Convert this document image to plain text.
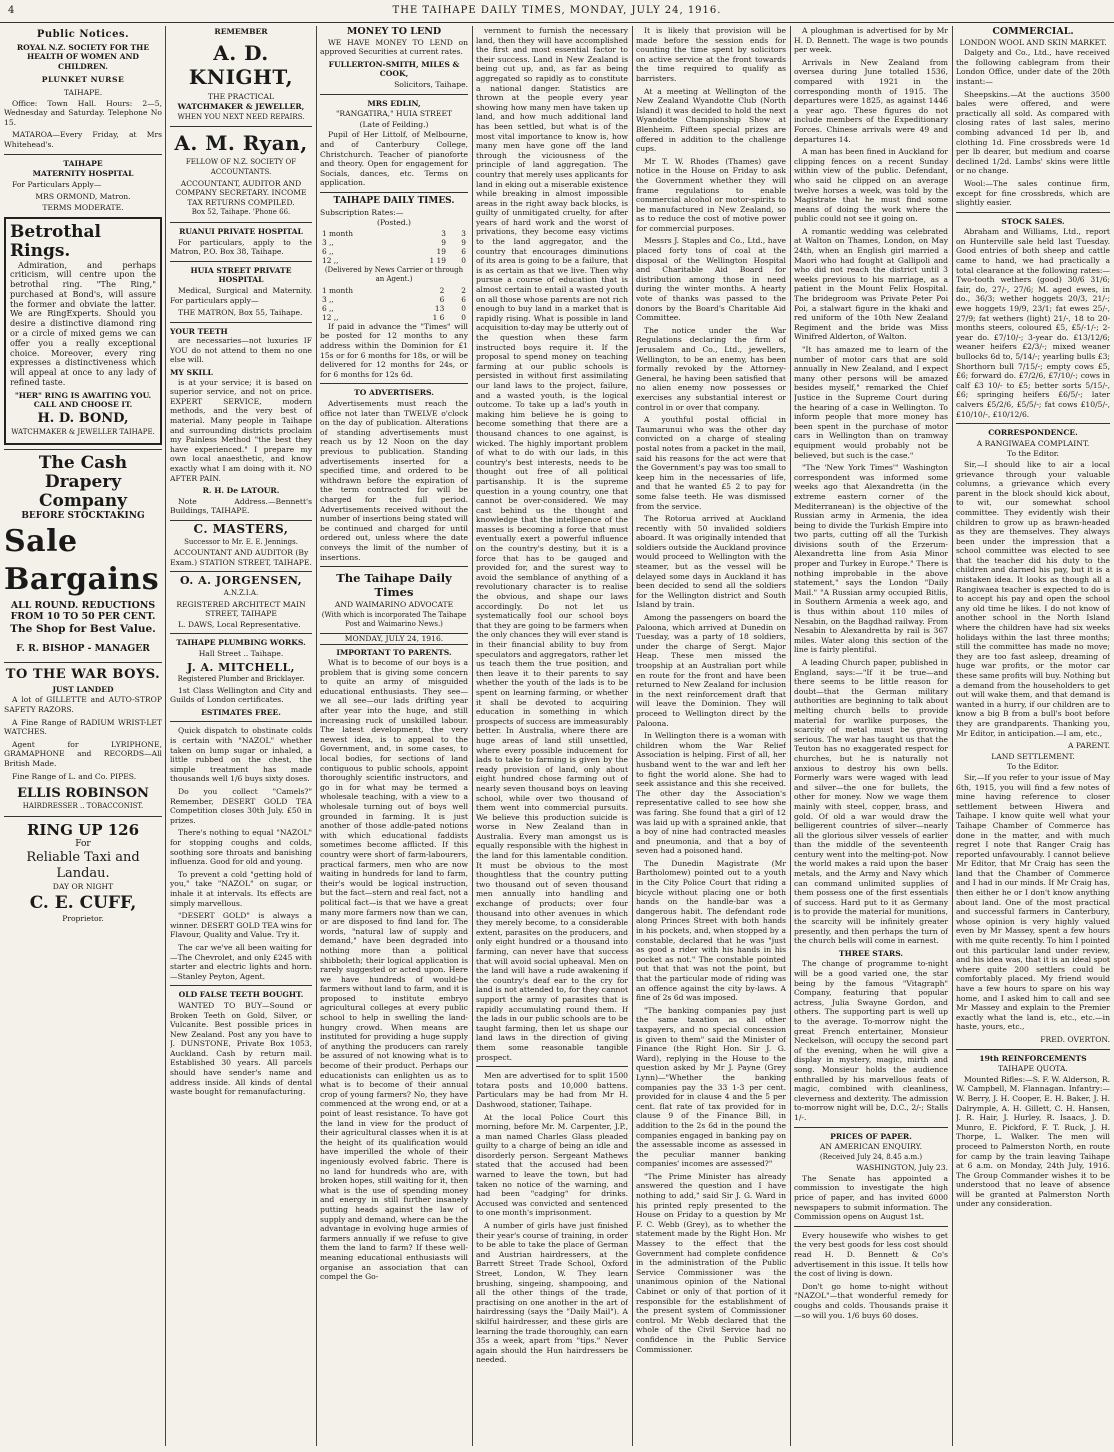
4	THE TAIHAPE DAILY TIMES, MONDAY, JULY 24, 1916.
Public Notices.
ROYAL N.Z. SOCIETY FOR THE HEALTH OF WOMEN AND CHILDREN.
PLUNKET NURSE
TAIHAPE.

Office: Town Hall. Hours: 2—5, Wednesday and Saturday. Telephone No 15.

MATAROA—Every Friday, at Mrs Whitehead's.

TAIHAPE
MATERNITY HOSPITAL

For Particulars Apply—

MRS ORMOND, Matron.
TERMS MODERATE.
Betrothal Rings.

Admiration, and perhaps criticism, will centre upon the betrothal ring. "The Ring," purchased at Bond's, will assure the former and obviate the latter. We are RingExperts. Should you desire a distinctive diamond ring or a circle of mixed gems we can offer you a really exceptional choice. Moreover, every ring expresses a distinctiveness which will appeal at once to any lady of refined taste.

"HER" RING IS AWAITING YOU. CALL AND CHOOSE IT.
H. D. BOND,
WATCHMAKER & JEWELLER TAIHAPE.
The Cash Drapery
Company
BEFORE STOCKTAKING
Sale
Bargains
ALL ROUND. REDUCTIONS FROM 10 TO 50 PER CENT.
The Shop for Best Value.
F. R. BISHOP - MANAGER
TO THE WAR BOYS.
JUST LANDED

A lot of GILLETTE and AUTO-STROP SAFETY RAZORS.

A Fine Range of RADIUM WRIST-LET WATCHES.

Agent for LYRIPHONE, GRAMAPHONE and RECORDS—All British Made.

Fine Range of L. and Co. PIPES.

ELLIS ROBINSON
HAIRDRESSER .. TOBACCONIST.
RING UP 126
For
Reliable Taxi and
Landau.
DAY OR NIGHT
C. E. CUFF,
Proprietor.
REMEMBER
A. D. KNIGHT,
THE PRACTICAL
WATCHMAKER & JEWELLER,
WHEN YOU NEXT NEED REPAIRS.
A. M. Ryan,
FELLOW OF N.Z. SOCIETY OF ACCOUNTANTS.
ACCOUNTANT, AUDITOR AND COMPANY SECRETARY. INCOME TAX RETURNS COMPILED.
Box 52, Taihape. 'Phone 66.
RUANUI PRIVATE HOSPITAL

For particulars, apply to the Matron, P.O. Box 38, Taihape.

HUIA STREET PRIVATE HOSPITAL

Medical, Surgical and Maternity. For particulars apply—

THE MATRON, Box 55, Taihape.

YOUR TEETH

are necessaries—not luxuries IF YOU do not attend to them no one else will.

MY SKILL

is at your service; it is based on superior service, and not on price. EXPERT SERVICE, modern methods, and the very best of material. Many people in Taihape and surrounding districts proclaim my Painless Method "the best they have experienced." I prepare my own local anaesthetic, and know exactly what I am doing with it. NO AFTER PAIN.

R. H. De LATOUR.

Note Address.—Bennett's Buildings, TAIHAPE.

C. MASTERS,
Successor to Mr. E. E. Jennings.
ACCOUNTANT AND AUDITOR (By Exam.) STATION STREET, TAIHAPE.
O. A. JORGENSEN,
A.N.Z.I.A.
REGISTERED ARCHITECT MAIN STREET, TAIHAPE

L. DAWS, Local Representative.

TAIHAPE PLUMBING WORKS.
Hall Street .. Taihape.
J. A. MITCHELL,
Registered Plumber and Bricklayer.

1st Class Wellington and City and Guilds of London certificates.

ESTIMATES FREE.

Quick dispatch to obstinate colds is certain with "NAZOL" whether taken on lump sugar or inhaled, a little rubbed on the chest, the simple treatment has made thousands well 1/6 buys sixty doses.

Do you collect "Camels?" Remember, DESERT GOLD TEA Competition closes 30th July. £50 in prizes.

There's nothing to equal "NAZOL" for stopping coughs and colds, soothing sore throats and banishing influenza. Good for old and young.

To prevent a cold "getting hold of you," take "NAZOL" on sugar, or inhale it at intervals. Its effects are simply marvellous.

"DESERT GOLD" is always a winner. DESERT GOLD TEA wins for Flavour, Quality and Value. Try it.

The car we've all been waiting for—The Chevrolet, and only £245 with starter and electric lights and horn.—Stanley Peyton, Agent.

OLD FALSE TEETH BOUGHT.

WANTED TO BUY—Sound or Broken Teeth on Gold, Silver, or Vulcanite. Best possible prices in New Zealand. Post any you have to J. DUNSTONE, Private Box 1053, Auckland. Cash by return mail. Established 30 years. All parcels should have sender's name and address inside. All kinds of dental waste bought for remanufacturing.

MONEY TO LEND

WE HAVE MONEY TO LEND on approved Securities at current rates.

FULLERTON-SMITH, MILES & COOK,
Solicitors, Taihape.
MRS EDLIN,
"RANGATIRA," HUIA STREET
(Late of Feilding.)

Pupil of Her Littolf, of Melbourne, and of Canterbury College, Christchurch. Teacher of pianoforte and theory. Open for engagement for Socials, dances, etc. Terms on application.

TAIHAPE DAILY TIMES.
Subscription Rates:—
(Posted.)
1 month	3	3
3 ,,	9	9
6 ,,	19	6
12 ,,	1 19	0
(Delivered by News Carrier or through an Agent.)
1 month	2	2
3 ,,	6	6
6 ,,	13	0
12 ,,	1 6	0

If paid in advance the "Times" will be posted for 12 months to any address within the Dominion for £1 15s or for 6 months for 18s, or will be delivered for 12 months for 24s, or for 6 months for 12s 6d.

TO ADVERTISERS.

Advertisements must reach the office not later than TWELVE o'clock on the day of publication. Alterations of standing advertisements must reach us by 12 Noon on the day previous to publication. Standing advertisements inserted for a specified time, and ordered to be withdrawn before the expiration of the term contracted for will be charged for the full period. Advertisements received without the number of insertions being stated will be continued and charged for until ordered out, unless where the date conveys the limit of the number of insertions.

The Taihape Daily Times
AND WAIMARINO ADVOCATE
(With which is incorporated The Taihape Post and Waimarino News.)
MONDAY, JULY 24, 1916.
IMPORTANT TO PARENTS.

What is to become of our boys is a problem that is giving some concern to quite an army of misguided educational enthusiasts. They see—we all see—our lads drifting year after year into the huge, and still increasing ruck of unskilled labour. The latest development, the very newest idea, is to appeal to the Government, and, in some cases, to local bodies, for sections of land contiguous to public schools, appoint thoroughly scientific instructors, and go in for what may be termed a wholesale teaching, with a view to a wholesale turning out of boys well grounded in farming. It is just another of those addle-pated notions with which educational faddists sometimes become afflicted. If this country were short of farm-labourers, practical farmers, men who are now waiting in hundreds for land to farm, their's would be logical instruction, but the fact—stern and real fact, not a political fact—is that we have a great many more farmers now than we can, or are disposed to find land for. The words, "natural law of supply and demand," have been degraded into nothing more than a political shibboleth; their logical application is rarely suggested or acted upon. Here we have hundreds of would-be farmers without land to farm, and it is proposed to institute embryo agricultural colleges at every public school to help in swelling the land-hungry crowd. When means are instituted for providing a huge supply of anything the producers can rarely be assured of not knowing what is to become of their product. Perhaps our educationists can enlighten us as to what is to become of their annual crop of young farmers? No, they have commenced at the wrong end, or at a point of least resistance. To have got the land in view for the product of their agricultural classes when it is at the height of its qualification would have imperilled the whole of their ingeniously evolved fabric. There is no land for hundreds who are, with broken hopes, still waiting for it, then what is the use of spending money and energy in still further insanely putting heads against the law of supply and demand, where can be the advantage in evolving huge armies of farmers annually if we refuse to give them the land to farm? If these well-meaning educational enthusiasts will organise an association that can compel the Go-

vernment to furnish the necessary land, then they will have accomplished the first and most essential factor to their success. Land in New Zealand is being cut up, and, as far as being aggregated so rapidly as to constitute a national danger. Statistics are thrown at the people every year showing how many men have taken up land, and how much additional land has been settled, but what is of the most vital importance to know is, how many men have gone off the land through the viciousness of the principle of land aggregation. The country that merely uses applicants for land in eking out a miserable existence while breaking in almost impossible areas in the right away back blocks, is guilty of unmitigated cruelty, for after years of hard work and the worst of privations, they become easy victims to the land aggregator, and the country that encourages diminutions of its area is going to be a failure, that is as certain as that we live. Then why pursue a course of education that is almost certain to entail a wasted youth on all those whose parents are not rich enough to buy land in a market that is rapidly rising. What is possible in land acquisition to-day may be utterly out of the question when these farm instructed boys require it. If the proposal to spend money on teaching farming at our public schools is persisted in without first assimilating our land laws to the project, failure, and a wasted youth, is the logical outcome. To take up a lad's youth in making him believe he is going to become something that there are a thousand chances to one against, is wicked. The highly important problem of what to do with our lads, in this country's best interests, needs to be thought out free of all political partisanship. It is the supreme question in a young country, one that cannot be over-considered. We may cast behind us the thought and knowledge that the intelligence of the masses is becoming a force that must eventually exert a powerful influence on the country's destiny, but it is a force that has to be gauged and provided for, and the surest way to avoid the semblance of anything of a revolutionary character is to realise the obvious, and shape our laws accordingly. Do not let us systematically fool our school boys that they are going to be farmers when the only chances they will ever stand is in their financial ability to buy from speculators and aggregators, rather let us teach them the true position, and then leave it to their parents to say whether the youth of the lads is to be spent on learning farming, or whether it shall be devoted to acquiring education in something in which prospects of success are immeasurably better. In Australia, where there are huge areas of land still unsettled, where every possible inducement for lads to take to farming is given by the ready provision of land, only about eight hundred chose farming out of nearly seven thousand boys on leaving school, while over two thousand of them went into commercial pursuits. We believe this production suicide is worse in New Zealand than in Australia. Every man amongst us is equally responsible with the highest in the land for this lamentable condition. It must be obvious to the most thoughtless that the country putting two thousand out of seven thousand men annually into handling and exchange of products; over four thousand into other avenues in which they merely become, to a considerable extent, parasites on the producers, and only eight hundred or a thousand into farming, can never have that success that will avoid social upheaval. Men on the land will have a rude awakening if the country's deaf ear to the cry for land is not attended to, for they cannot support the army of parasites that is rapidly accumulating round them. If the lads in our public schools are to be taught farming, then let us shape our land laws in the direction of giving them some reasonable tangible prospect.

Men are advertised for to split 1500 totara posts and 10,000 battens. Particulars may be had from Mr H. Dashwood, stationer, Taihape.

At the local Police Court this morning, before Mr. M. Carpenter, J.P., a man named Charles Glass pleaded guilty to a charge of being an idle and disorderly person. Sergeant Mathews stated that the accused had been warned to leave the town, but had taken no notice of the warning, and had been "cadging" for drinks. Accused was convicted and sentenced to one month's imprisonment.

A number of girls have just finished their year's course of training, in order to be able to take the place of German and Austrian hairdressers, at the Barrett Street Trade School, Oxford Street, London, W. They learn brushing, singeing, shampooing, and all the other things of the trade, practising on one another in the art of hairdressing (says the "Daily Mail"). A skilful hairdresser, and these girls are learning the trade thoroughly, can earn 35s a week, apart from "tips." Never again should the Hun hairdressers be needed.

It is likely that provision will be made before the session ends for counting the time spent by solicitors on active service at the front towards the time required to qualify as barristers.

At a meeting at Wellington of the New Zealand Wyandotte Club (North Island) it was decided to hold the next Wyandotte Championship Show at Blenheim. Fifteen special prizes are offered in addition to the challenge cups.

Mr T. W. Rhodes (Thames) gave notice in the House on Friday to ask the Government whether they will frame regulations to enable commercial alcohol or motor-spirits to be manufactured in New Zealand, so as to reduce the cost of motive power for commercial purposes.

Messrs J. Staples and Co., Ltd., have placed forty tons of coal at the disposal of the Wellington Hospital and Charitable Aid Board for distribution among those in need during the winter months. A hearty vote of thanks was passed to the donors by the Board's Charitable Aid Committee.

The notice under the War Regulations declaring the firm of Jerusalem and Co., Ltd., jewellers, Wellington, to be an enemy, has been formally revoked by the Attorney-General, he having been satisfied that no alien enemy now possesses or exercises any substantial interest or control in or over that company.

A youthful postal official in Taumarunui who was the other day convicted on a charge of stealing postal notes from a packet in the mail, said his reasons for the act were that the Government's pay was too small to keep him in the necessaries of life, and that he wanted £5 2 to pay for some false teeth. He was dismissed from the service.

The Rotorua arrived at Auckland recently with 50 invalided soldiers aboard. It was originally intended that soldiers outside the Auckland province would proceed to Wellington with the steamer, but as the vessel will be delayed some days in Auckland it has been decided to send all the soldiers for the Wellington district and South Island by train.

Among the passengers on board the Paloona, which arrived at Dunedin on Tuesday, was a party of 18 soldiers, under the charge of Sergt. Major Heap. These men missed the troopship at an Australian port while en route for the front and have been returned to New Zealand for inclusion in the next reinforcement draft that will leave the Dominion. They will proceed to Wellington direct by the Paloona.

In Wellington there is a woman with children whom the War Relief Association is helping. First of all, her husband went to the war and left her to fight the world alone. She had to seek assistance and this she received. The other day the Association's representative called to see how she was faring. She found that a girl of 12 was laid up with a sprained ankle, that a boy of nine had contracted measles and pneumonia, and that a boy of seven had a poisoned hand.

The Dunedin Magistrate (Mr Bartholomew) pointed out to a youth in the City Police Court that riding a bicycle without placing one or both hands on the handle-bar was a dangerous habit. The defendant rode along Princes Street with both hands in his pockets, and, when stopped by a constable, declared that he was "just as good a rider with his hands in his pocket as not." The constable pointed out that that was not the point, but that the particular mode of riding was an offence against the city by-laws. A fine of 2s 6d was imposed.

"The banking companies pay just the same taxation as all other taxpayers, and no special concession is given to them" said the Minister of Finance (the Right Hon. Sir J. G. Ward), replying in the House to the question asked by Mr J. Payne (Grey Lynn)—"Whether the banking companies pay the 33 1-3 per cent. provided for in clause 4 and the 5 per cent. flat rate of tax provided for in clause 9 of the Finance Bill, in addition to the 2s 6d in the pound the companies engaged in banking pay on the assessable income as assessed in the peculiar manner banking companies' incomes are assessed?"

"The Prime Minister has already answered the question and I have nothing to add," said Sir J. G. Ward in his printed reply presented to the House on Friday to a question by Mr F. C. Webb (Grey), as to whether the statement made by the Right Hon. Mr Massey to the effect that the Government had complete confidence in the administration of the Public Service Commissioner was the unanimous opinion of the National Cabinet or only of that portion of it responsible for the establishment of the present system of Commissioner control. Mr Webb declared that the whole of the Civil Service had no confidence in the Public Service Commissioner.

A ploughman is advertised for by Mr H. D. Bennett. The wage is two pounds per week.

Arrivals in New Zealand from oversea during June totalled 1536, compared with 1921 in the corresponding month of 1915. The departures were 1825, as against 1446 a year ago. These figures do not include members of the Expeditionary Forces. Chinese arrivals were 49 and departures 14.

A man has been fined in Auckland for clipping fences on a recent Sunday within view of the public. Defendant, who said he clipped on an average twelve horses a week, was told by the Magistrate that he must find some means of doing the work where the public could not see it going on.

A romantic wedding was celebrated at Walton on Thames, London, on May 24th, when an English girl married a Maori who had fought at Gallipoli and who did not reach the district until 3 weeks previous to his marriage, as a patient in the Mount Felix Hospital. The bridegroom was Private Peter Poi Poi, a stalwart figure in the khaki and red uniform of the 10th New Zealand Regiment and the bride was Miss Winifred Alderton, of Walton.

"It has amazed me to learn of the number of motor cars that are sold annually in New Zealand, and I expect many other persons will be amazed besides myself," remarked the Chief Justice in the Supreme Court during the hearing of a case in Wellington. To inform people that more money has been spent in the purchase of motor cars in Wellington than on tramway equipment would probably not be believed, but such is the case."

"The 'New York Times'" Washington correspondent was informed some weeks ago that Alexandretta (in the extreme eastern corner of the Mediterranean) is the objective of the Russian army in Armenia, the idea being to divide the Turkish Empire into two parts, cutting off all the Turkish divisions south of the Erzerum-Alexandretta line from Asia Minor proper and Turkey in Europe." There is nothing improbable in the above statement," says the London "Daily Mail." "A Russian army occupied Bitlis, in Southern Armenia a week ago, and is thus within about 110 miles of Nesabin, on the Bagdhad railway. From Nesabin to Alexandretta by rail is 367 miles. Water along this section of the line is fairly plentiful.

A leading Church paper, published in England, says:—"If it be true—and there seems to be little reason for doubt—that the German military authorities are beginning to talk about melting church bells to provide material for warlike purposes, the scarcity of metal must be growing serious. The war has taught us that the Teuton has no exaggerated respect for churches, but he is naturally not anxious to destroy his own bells. Formerly wars were waged with lead and silver—the one for bullets, the other for money. Now we wage them mainly with steel, copper, brass, and gold. Of old a war would draw the belligerent countries of silver—nearly all the glorious silver vessels of earlier than the middle of the seventeenth century went into the melting-pot. Now the world makes a raid upon the baser metals, and the Army and Navy which can command unlimited supplies of them possess one of the first essentials of success. Hard put to it as Germany is to provide the material for munitions, the scarcity will be infinitely greater presently, and then perhaps the turn of the church bells will come in earnest.

THREE STARS.

The change of programme to-night will be a good varied one, the star being by the famous "Vitagraph" Company, featuring that popular actress, Julia Swayne Gordon, and others. The supporting part is well up to the average. To-morrow night the great French entertainer, Monsieur Neckelson, will occupy the second part of the evening, when he will give a display in mystery, magic, mirth and song. Monsieur holds the audience enthralled by his marvellous feats of magic, combined with cleanliness, cleverness and dexterity. The admission to-morrow night will be, D.C., 2/-; Stalls 1/-.

PRICES OF PAPER.
AN AMERICAN ENQUIRY.
(Received July 24, 8.45 a.m.)
WASHINGTON, July 23.

The Senate has appointed a commission to investigate the high price of paper, and has invited 6000 newspapers to submit information. The Commission opens on August 1st.

Every housewife who wishes to get the very best goods for less cost should read H. D. Bennett & Co's advertisement in this issue. It tells how the cost of living is down.

Don't go home to-night without "NAZOL"—that wonderful remedy for coughs and colds. Thousands praise it—so will you. 1/6 buys 60 doses.

COMMERCIAL.
LONDON WOOL AND SKIN MARKET.

Dalgety and Co., Ltd., have received the following cablegram from their London Office, under date of the 20th instant:—

Sheepskins.—At the auctions 3500 bales were offered, and were practically all sold. As compared with closing rates of last sales, merino combing advanced 1d per lb, and clothing 1d. Fine crossbreds were 1d per lb dearer, but medium and coarse declined 1/2d. Lambs' skins were little or no change.

Wool:—The sales continue firm, except for fine crossbreds, which are slightly easier.

STOCK SALES.

Abraham and Williams, Ltd., report on Hunterville sale held last Tuesday. Good entries of both sheep and cattle came to hand, we had practically a total clearance at the following rates:—Two-tooth wethers (good) 30/6 31/6; fair, do, 27/-, 27/6; M. aged ewes, in do., 36/3; wether hoggets 20/3, 21/-; ewe hoggets 19/9, 23/1; fat ewes 25/-, 27/9; fat wethers (light) 21/-, 18 to 20-months steers, coloured £5, £5/-1/-; 2-year do. £7/10/-; 3-year do. £13/12/6; weaner heifers £2/3/-; mixed weaner bullocks 6d to, 5/14/-; yearling bulls £3; Shorthorn bull 7/15/-; empty cows £5, £6; forward do. £7/2/6, £7/10/-; cows in calf £3 10/- to £5; better sorts 5/15/-, £6; springing heifers £6/5/-; later calvers £5/2/6, £5/5/-; fat cows £10/5/-, £10/10/-, £10/12/6.

CORRESPONDENCE.
A RANGIWAEA COMPLAINT.
To the Editor.

Sir,—I should like to air a local grievance through your valuable columns, a grievance which every parent in the block should kick about, to wit, our somewhat school committee. They evidently wish their children to grow up as brawn-headed as they are themselves. They always been under the impression that a school committee was elected to see that the teacher did his duty to the children and darned his pay, but it is a mistaken idea. It looks as though all a Rangiwaea teacher is expected to do is to accept his pay and open the school any old time he likes. I do not know of another school in the North Island where the children have had six weeks holidays within the last three months; still the committee has made no move; they are too fast asleep, dreaming of huge war profits, or the motor car these same profits will buy. Nothing but a demand from the householders to get out will wake them, and that demand is wanted in a hurry, if our children are to know a big B from a bull's boot before they are grandparents. Thanking you, Mr Editor, in anticipation.—I am, etc.,

A PARENT.
LAND SETTLEMENT.
To the Editor.

Sir,—If you refer to your issue of May 6th, 1915, you will find a few notes of mine having reference to closer settlement between Hiwera and Taihape. I know quite well what your Taihape Chamber of Commerce has done in the matter, and with much regret I note that Ranger Craig has reported unfavourably. I cannot believe Mr Editor, that Mr Craig has seen the land that the Chamber of Commerce and I had in our minds. If Mr Craig has, then either he or I don't know anything about land. One of the most practical and successful farmers in Canterbury, whose opinion is very highly valued even by Mr Massey, spent a few hours with me quite recently. To him I pointed out this particular land under review, and his idea was, that it is an ideal spot where quite 200 settlers could be comfortably placed. My friend would have a few hours to spare on his way home, and I asked him to call and see Mr Massey and explain to the Premier exactly what the land is, etc., etc.—in haste, yours, etc.,

FRED. OVERTON.
19th REINFORCEMENTS
TAIHAPE QUOTA.

Mounted Rifles:—S. F. W. Alderson, R. W. Campbell, M. Flannagan. Infantry:—W. Berry, J. H. Cooper, E. H. Baker, J. H. Dalrymple, A. H. Gillett, C. H. Hansen, J. R. Hair, J. Hurley, R. Isaacs, J. D. Munro, E. Pickford, F. T. Ruck, J. H. Thorpe, L. Walker. The men will proceed to Palmerston North, en route for camp by the train leaving Taihape at 6 a.m. on Monday, 24th July, 1916. The Group Commander wishes it to be understood that no leave of absence will be granted at Palmerston North under any consideration.
